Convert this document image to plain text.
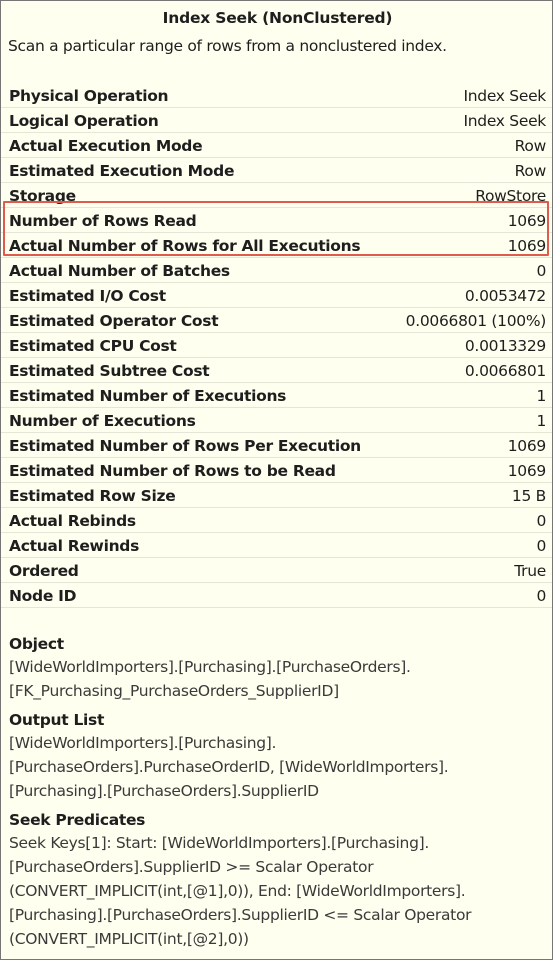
Index Seek (NonClustered)
Scan a particular range of rows from a nonclustered index.
Physical Operation	Index Seek
Logical Operation	Index Seek
Actual Execution Mode	Row
Estimated Execution Mode	Row
Storage	RowStore
Number of Rows Read	1069
Actual Number of Rows for All Executions	1069
Actual Number of Batches	0
Estimated I/O Cost	0.0053472
Estimated Operator Cost	0.0066801 (100%)
Estimated CPU Cost	0.0013329
Estimated Subtree Cost	0.0066801
Estimated Number of Executions	1
Number of Executions	1
Estimated Number of Rows Per Execution	1069
Estimated Number of Rows to be Read	1069
Estimated Row Size	15 B
Actual Rebinds	0
Actual Rewinds	0
Ordered	True
Node ID	0
Object
[WideWorldImporters].[Purchasing].[PurchaseOrders].
[FK_Purchasing_PurchaseOrders_SupplierID]
Output List
[WideWorldImporters].[Purchasing].
[PurchaseOrders].PurchaseOrderID, [WideWorldImporters].
[Purchasing].[PurchaseOrders].SupplierID
Seek Predicates
Seek Keys[1]: Start: [WideWorldImporters].[Purchasing].
[PurchaseOrders].SupplierID >= Scalar Operator
(CONVERT_IMPLICIT(int,[@1],0)), End: [WideWorldImporters].
[Purchasing].[PurchaseOrders].SupplierID <= Scalar Operator
(CONVERT_IMPLICIT(int,[@2],0))
